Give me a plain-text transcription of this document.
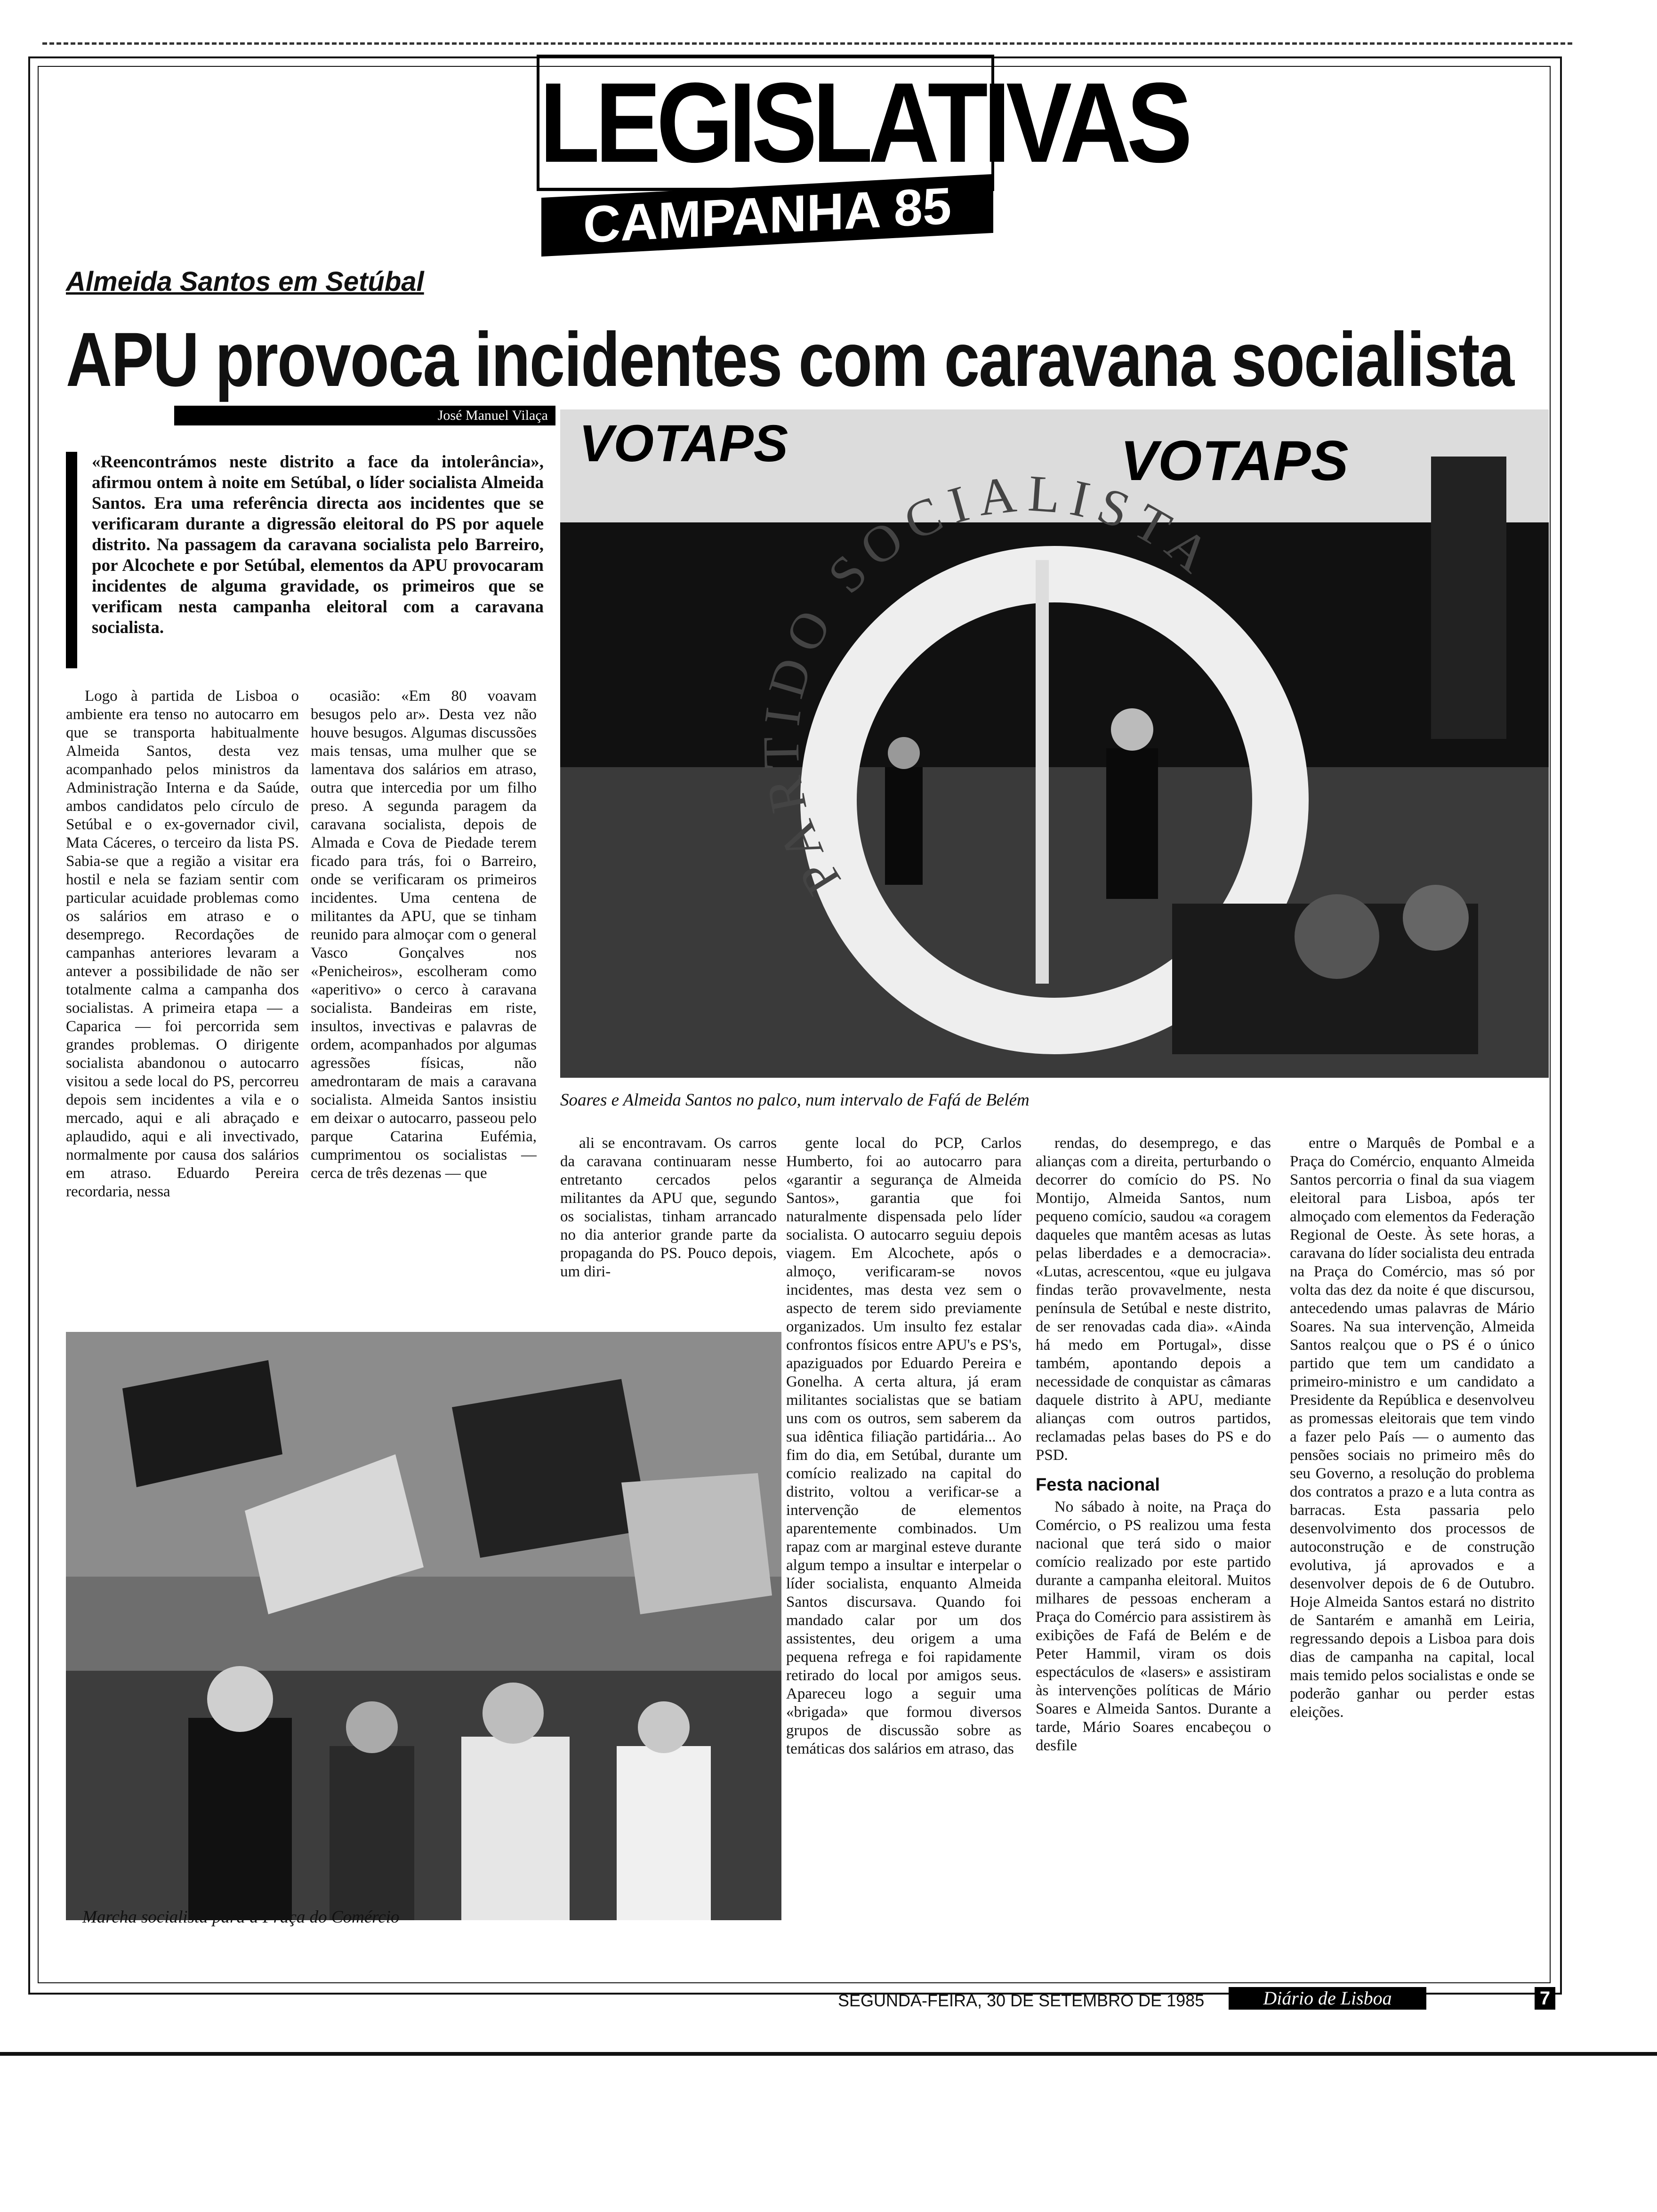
LEGISLATIVAS
CAMPANHA 85
Almeida Santos em Setúbal
APU provoca incidentes com caravana socialista
José Manuel Vilaça
«Reencontrámos neste distrito a face da intolerância», afirmou ontem à noite em Setúbal, o líder socialista Almeida Santos. Era uma referência directa aos incidentes que se verificaram durante a digressão eleitoral do PS por aquele distrito. Na passagem da caravana socialista pelo Barreiro, por Alcochete e por Setúbal, elementos da APU provocaram incidentes de alguma gravidade, os primeiros que se verificam nesta campanha eleitoral com a caravana socialista.
VOTAPS	VOTAPS
PARTIDO SOCIALISTA
Soares e Almeida Santos no palco, num intervalo de Fafá de Belém

Logo à partida de Lisboa o ambiente era tenso no autocarro em que se transporta habitualmente Almeida Santos, desta vez acompanhado pelos ministros da Administração Interna e da Saúde, ambos candidatos pelo círculo de Setúbal e o ex-governador civil, Mata Cáceres, o terceiro da lista PS. Sabia-se que a região a visitar era hostil e nela se faziam sentir com particular acuidade problemas como os salários em atraso e o desemprego. Recordações de campanhas anteriores levaram a antever a possibilidade de não ser totalmente calma a campanha dos socialistas. A primeira etapa — a Caparica — foi percorrida sem grandes problemas. O dirigente socialista abandonou o autocarro visitou a sede local do PS, percorreu depois sem incidentes a vila e o mercado, aqui e ali abraçado e aplaudido, aqui e ali invectivado, normalmente por causa dos salários em atraso. Eduardo Pereira recordaria, nessa

ocasião: «Em 80 voavam besugos pelo ar». Desta vez não houve besugos. Algumas discussões mais tensas, uma mulher que se lamentava dos salários em atraso, outra que intercedia por um filho preso. A segunda paragem da caravana socialista, depois de Almada e Cova de Piedade terem ficado para trás, foi o Barreiro, onde se verificaram os primeiros incidentes. Uma centena de militantes da APU, que se tinham reunido para almoçar com o general Vasco Gonçalves nos «Penicheiros», escolheram como «aperitivo» o cerco à caravana socialista. Bandeiras em riste, insultos, invectivas e palavras de ordem, acompanhados por algumas agressões físicas, não amedrontaram de mais a caravana socialista. Almeida Santos insistiu em deixar o autocarro, passeou pelo parque Catarina Eufémia, cumprimentou os socialistas — cerca de três dezenas — que

ali se encontravam. Os carros da caravana continuaram nesse entretanto cercados pelos militantes da APU que, segundo os socialistas, tinham arrancado no dia anterior grande parte da propaganda do PS. Pouco depois, um diri-

gente local do PCP, Carlos Humberto, foi ao autocarro para «garantir a segurança de Almeida Santos», garantia que foi naturalmente dispensada pelo líder socialista. O autocarro seguiu depois viagem. Em Alcochete, após o almoço, verificaram-se novos incidentes, mas desta vez sem o aspecto de terem sido previamente organizados. Um insulto fez estalar confrontos físicos entre APU's e PS's, apaziguados por Eduardo Pereira e Gonelha. A certa altura, já eram militantes socialistas que se batiam uns com os outros, sem saberem da sua idêntica filiação partidária... Ao fim do dia, em Setúbal, durante um comício realizado na capital do distrito, voltou a verificar-se a intervenção de elementos aparentemente combinados. Um rapaz com ar marginal esteve durante algum tempo a insultar e interpelar o líder socialista, enquanto Almeida Santos discursava. Quando foi mandado calar por um dos assistentes, deu origem a uma pequena refrega e foi rapidamente retirado do local por amigos seus. Apareceu logo a seguir uma «brigada» que formou diversos grupos de discussão sobre as temáticas dos salários em atraso, das

rendas, do desemprego, e das alianças com a direita, perturbando o decorrer do comício do PS. No Montijo, Almeida Santos, num pequeno comício, saudou «a coragem daqueles que mantêm acesas as lutas pelas liberdades e a democracia». «Lutas, acrescentou, «que eu julgava findas terão provavelmente, nesta península de Setúbal e neste distrito, de ser renovadas cada dia». «Ainda há medo em Portugal», disse também, apontando depois a necessidade de conquistar as câmaras daquele distrito à APU, mediante alianças com outros partidos, reclamadas pelas bases do PS e do PSD.

Festa nacional

No sábado à noite, na Praça do Comércio, o PS realizou uma festa nacional que terá sido o maior comício realizado por este partido durante a campanha eleitoral. Muitos milhares de pessoas encheram a Praça do Comércio para assistirem às exibições de Fafá de Belém e de Peter Hammil, viram os dois espectáculos de «lasers» e assistiram às intervenções políticas de Mário Soares e Almeida Santos. Durante a tarde, Mário Soares encabeçou o desfile

entre o Marquês de Pombal e a Praça do Comércio, enquanto Almeida Santos percorria o final da sua viagem eleitoral para Lisboa, após ter almoçado com elementos da Federação Regional de Oeste. Às sete horas, a caravana do líder socialista deu entrada na Praça do Comércio, mas só por volta das dez da noite é que discursou, antecedendo umas palavras de Mário Soares. Na sua intervenção, Almeida Santos realçou que o PS é o único partido que tem um candidato a primeiro-ministro e um candidato a Presidente da República e desenvolveu as promessas eleitorais que tem vindo a fazer pelo País — o aumento das pensões sociais no primeiro mês do seu Governo, a resolução do problema dos contratos a prazo e a luta contra as barracas. Esta passaria pelo desenvolvimento dos processos de autoconstrução e de construção evolutiva, já aprovados e a desenvolver depois de 6 de Outubro. Hoje Almeida Santos estará no distrito de Santarém e amanhã em Leiria, regressando depois a Lisboa para dois dias de campanha na capital, local mais temido pelos socialistas e onde se poderão ganhar ou perder estas eleições.

Marcha socialista para a Praça do Comércio
SEGUNDA-FEIRA, 30 DE SETEMBRO DE 1985	Diário de Lisboa	7
